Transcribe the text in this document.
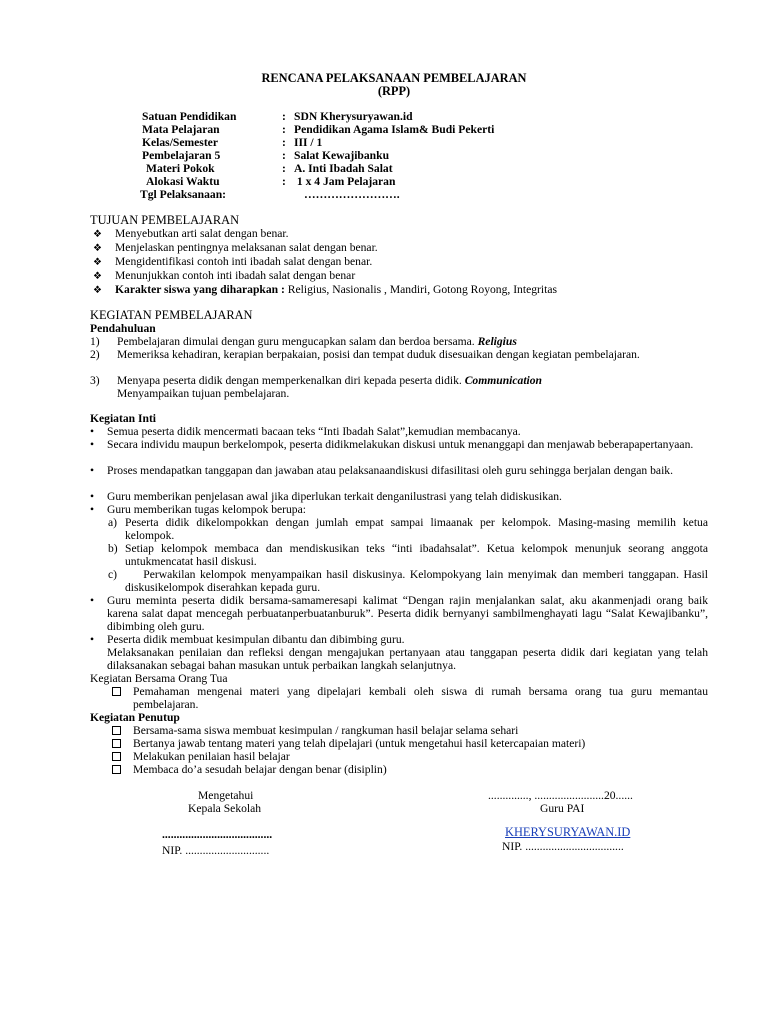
RENCANA PELAKSANAAN PEMBELAJARAN
(RPP)
Satuan Pendidikan	: SDN Kherysuryawan.id
Mata Pelajaran	: Pendidikan Agama Islam& Budi Pekerti
Kelas/Semester	: III / 1
Pembelajaran 5	: Salat Kewajibanku
Materi Pokok	: A. Inti Ibadah Salat
Alokasi Waktu	: 1 x 4 Jam Pelajaran
Tgl Pelaksanaan:	…………………….
TUJUAN PEMBELAJARAN
❖ Menyebutkan arti salat dengan benar.
❖ Menjelaskan pentingnya melaksanan salat dengan benar.
❖ Mengidentifikasi contoh inti ibadah salat dengan benar.
❖ Menunjukkan contoh inti ibadah salat dengan benar
❖ Karakter siswa yang diharapkan : Religius, Nasionalis , Mandiri, Gotong Royong, Integritas
KEGIATAN PEMBELAJARAN
Pendahuluan
1) Pembelajaran dimulai dengan guru mengucapkan salam dan berdoa bersama. Religius
2) Memeriksa kehadiran, kerapian berpakaian, posisi dan tempat duduk disesuaikan dengan kegiatan pembelajaran.
3) Menyapa peserta didik dengan memperkenalkan diri kepada peserta didik. Communication
Menyampaikan tujuan pembelajaran.
Kegiatan Inti
• Semua peserta didik mencermati bacaan teks “Inti Ibadah Salat”,kemudian membacanya.
• Secara individu maupun berkelompok, peserta didikmelakukan diskusi untuk menanggapi dan menjawab beberapapertanyaan.
• Proses mendapatkan tanggapan dan jawaban atau pelaksanaandiskusi difasilitasi oleh guru sehingga berjalan dengan baik.
• Guru memberikan penjelasan awal jika diperlukan terkait denganilustrasi yang telah didiskusikan.
• Guru memberikan tugas kelompok berupa:
a) Peserta didik dikelompokkan dengan jumlah empat sampai limaanak per kelompok. Masing-masing memilih ketua kelompok.
b) Setiap kelompok membaca dan mendiskusikan teks “inti ibadahsalat”. Ketua kelompok menunjuk seorang anggota untukmencatat hasil diskusi.
c) Perwakilan kelompok menyampaikan hasil diskusinya. Kelompokyang lain menyimak dan memberi tanggapan. Hasil diskusikelompok diserahkan kepada guru.
• Guru meminta peserta didik bersama-samameresapi kalimat “Dengan rajin menjalankan salat, aku akanmenjadi orang baik karena salat dapat mencegah perbuatanperbuatanburuk”. Peserta didik bernyanyi sambilmenghayati lagu “Salat Kewajibanku”, dibimbing oleh guru.
• Peserta didik membuat kesimpulan dibantu dan dibimbing guru.
Melaksanakan penilaian dan refleksi dengan mengajukan pertanyaan atau tanggapan peserta didik dari kegiatan yang telah dilaksanakan sebagai bahan masukan untuk perbaikan langkah selanjutnya.
Kegiatan Bersama Orang Tua
Pemahaman mengenai materi yang dipelajari kembali oleh siswa di rumah bersama orang tua guru memantau pembelajaran.
Kegiatan Penutup
Bersama-sama siswa membuat kesimpulan / rangkuman hasil belajar selama sehari
Bertanya jawab tentang materi yang telah dipelajari (untuk mengetahui hasil ketercapaian materi)
Melakukan penilaian hasil belajar
Membaca do’a sesudah belajar dengan benar (disiplin)
Mengetahui
Kepala Sekolah
......................................
NIP. .............................
.............., ........................20......
Guru PAI
KHERYSURYAWAN.ID
NIP. ..................................
